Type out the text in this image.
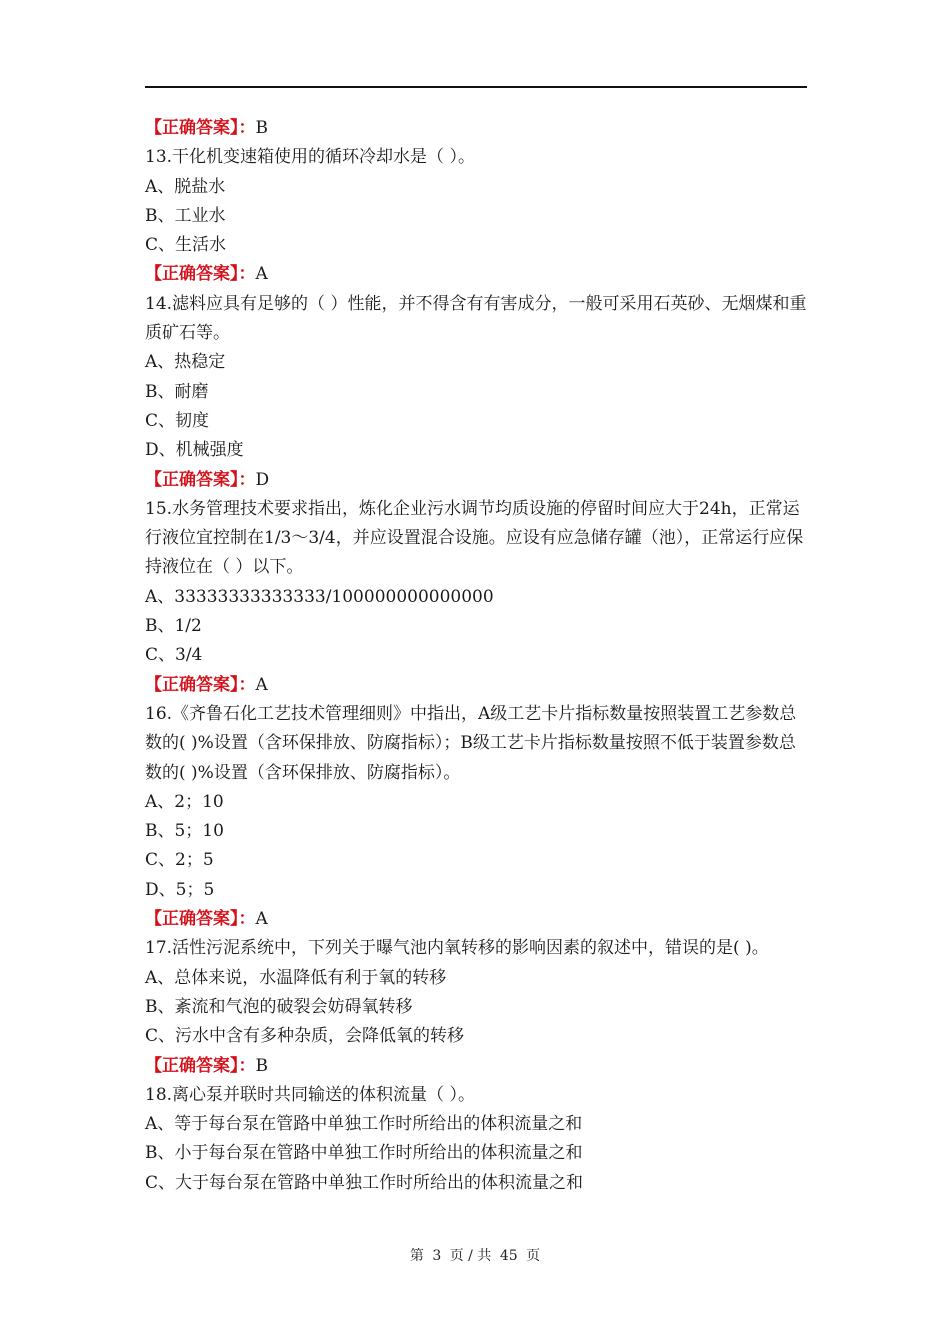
【正确答案】：B
13.干化机变速箱使用的循环冷却水是（ ）。
A、脱盐水
B、工业水
C、生活水
【正确答案】：A
14.滤料应具有足够的（ ）性能，并不得含有有害成分，一般可采用石英砂、无烟煤和重质矿石等。
A、热稳定
B、耐磨
C、韧度
D、机械强度
【正确答案】：D
15.水务管理技术要求指出，炼化企业污水调节均质设施的停留时间应大于24h，正常运行液位宜控制在1/3～3/4，并应设置混合设施。应设有应急储存罐（池），正常运行应保持液位在（ ）以下。
A、33333333333333/100000000000000
B、1/2
C、3/4
【正确答案】：A
16.《齐鲁石化工艺技术管理细则》中指出，A级工艺卡片指标数量按照装置工艺参数总数的( )%设置（含环保排放、防腐指标）；B级工艺卡片指标数量按照不低于装置参数总数的( )%设置（含环保排放、防腐指标）。
A、2；10
B、5；10
C、2；5
D、5；5
【正确答案】：A
17.活性污泥系统中，下列关于曝气池内氧转移的影响因素的叙述中，错误的是( )。
A、总体来说，水温降低有利于氧的转移
B、紊流和气泡的破裂会妨碍氧转移
C、污水中含有多种杂质，会降低氧的转移
【正确答案】：B
18.离心泵并联时共同输送的体积流量（ ）。
A、等于每台泵在管路中单独工作时所给出的体积流量之和
B、小于每台泵在管路中单独工作时所给出的体积流量之和
C、大于每台泵在管路中单独工作时所给出的体积流量之和
第 3 页 / 共 45 页
